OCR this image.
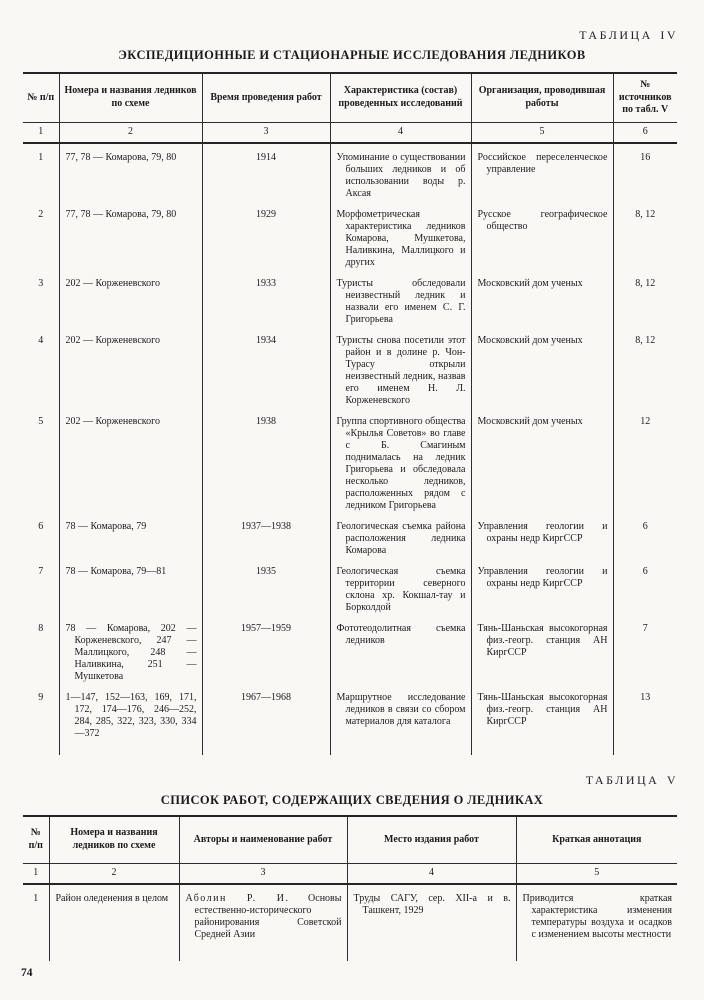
ТАБЛИЦА IV
ЭКСПЕДИЦИОННЫЕ И СТАЦИОНАРНЫЕ ИССЛЕДОВАНИЯ ЛЕДНИКОВ
№ п/п	Номера и названия ледников по схеме	Время проведения работ	Характеристика (состав) проведенных исследований	Организация, проводившая работы	№ источников по табл. V
1	2	3	4	5	6
1	77, 78 — Комарова, 79, 80	1914	Упоминание о существовании больших ледников и об использовании воды р. Аксая	Российское переселенческое управление	16
2	77, 78 — Комарова, 79, 80	1929	Морфометрическая характеристика ледников Комарова, Мушкетова, Наливкина, Маллицкого и других	Русское географическое общество	8, 12
3	202 — Корженевского	1933	Туристы обследовали неизвестный ледник и назвали его именем С. Г. Григорьева	Московский дом ученых	8, 12
4	202 — Корженевского	1934	Туристы снова посетили этот район и в долине р. Чон-Турасу открыли неизвестный ледник, назвав его именем Н. Л. Корженевского	Московский дом ученых	8, 12
5	202 — Корженевского	1938	Группа спортивного общества «Крылья Советов» во главе с Б. Смагиным поднималась на ледник Григорьева и обследовала несколько ледников, расположенных рядом с ледником Григорьева	Московский дом ученых	12
6	78 — Комарова, 79	1937—1938	Геологическая съемка района расположения ледника Комарова	Управления геологии и охраны недр КиргССР	6
7	78 — Комарова, 79—81	1935	Геологическая съемка территории северного склона хр. Кокшал-тау и Борколдой	Управления геологии и охраны недр КиргССР	6
8	78 — Комарова, 202 — Корженевского, 247 — Маллицкого, 248 — Наливкина, 251 — Мушкетова	1957—1959	Фототеодолитная съемка ледников	Тянь-Шаньская высокогорная физ.-геогр. станция АН КиргССР	7
9	1—147, 152—163, 169, 171, 172, 174—176, 246—252, 284, 285, 322, 323, 330, 334—372	1967—1968	Маршрутное исследование ледников в связи со сбором материалов для каталога	Тянь-Шаньская высокогорная физ.-геогр. станция АН КиргССР	13
ТАБЛИЦА V
СПИСОК РАБОТ, СОДЕРЖАЩИХ СВЕДЕНИЯ О ЛЕДНИКАХ
№ п/п	Номера и названия ледников по схеме	Авторы и наименование работ	Место издания работ	Краткая аннотация
1	2	3	4	5
1	Район оледенения в целом	Аболин Р. И. Основы естественно-исторического районирования Советской Средней Азии	Труды САГУ, сер. XII-а и в. Ташкент, 1929	Приводится краткая характеристика изменения температуры воздуха и осадков с изменением высоты местности
74
